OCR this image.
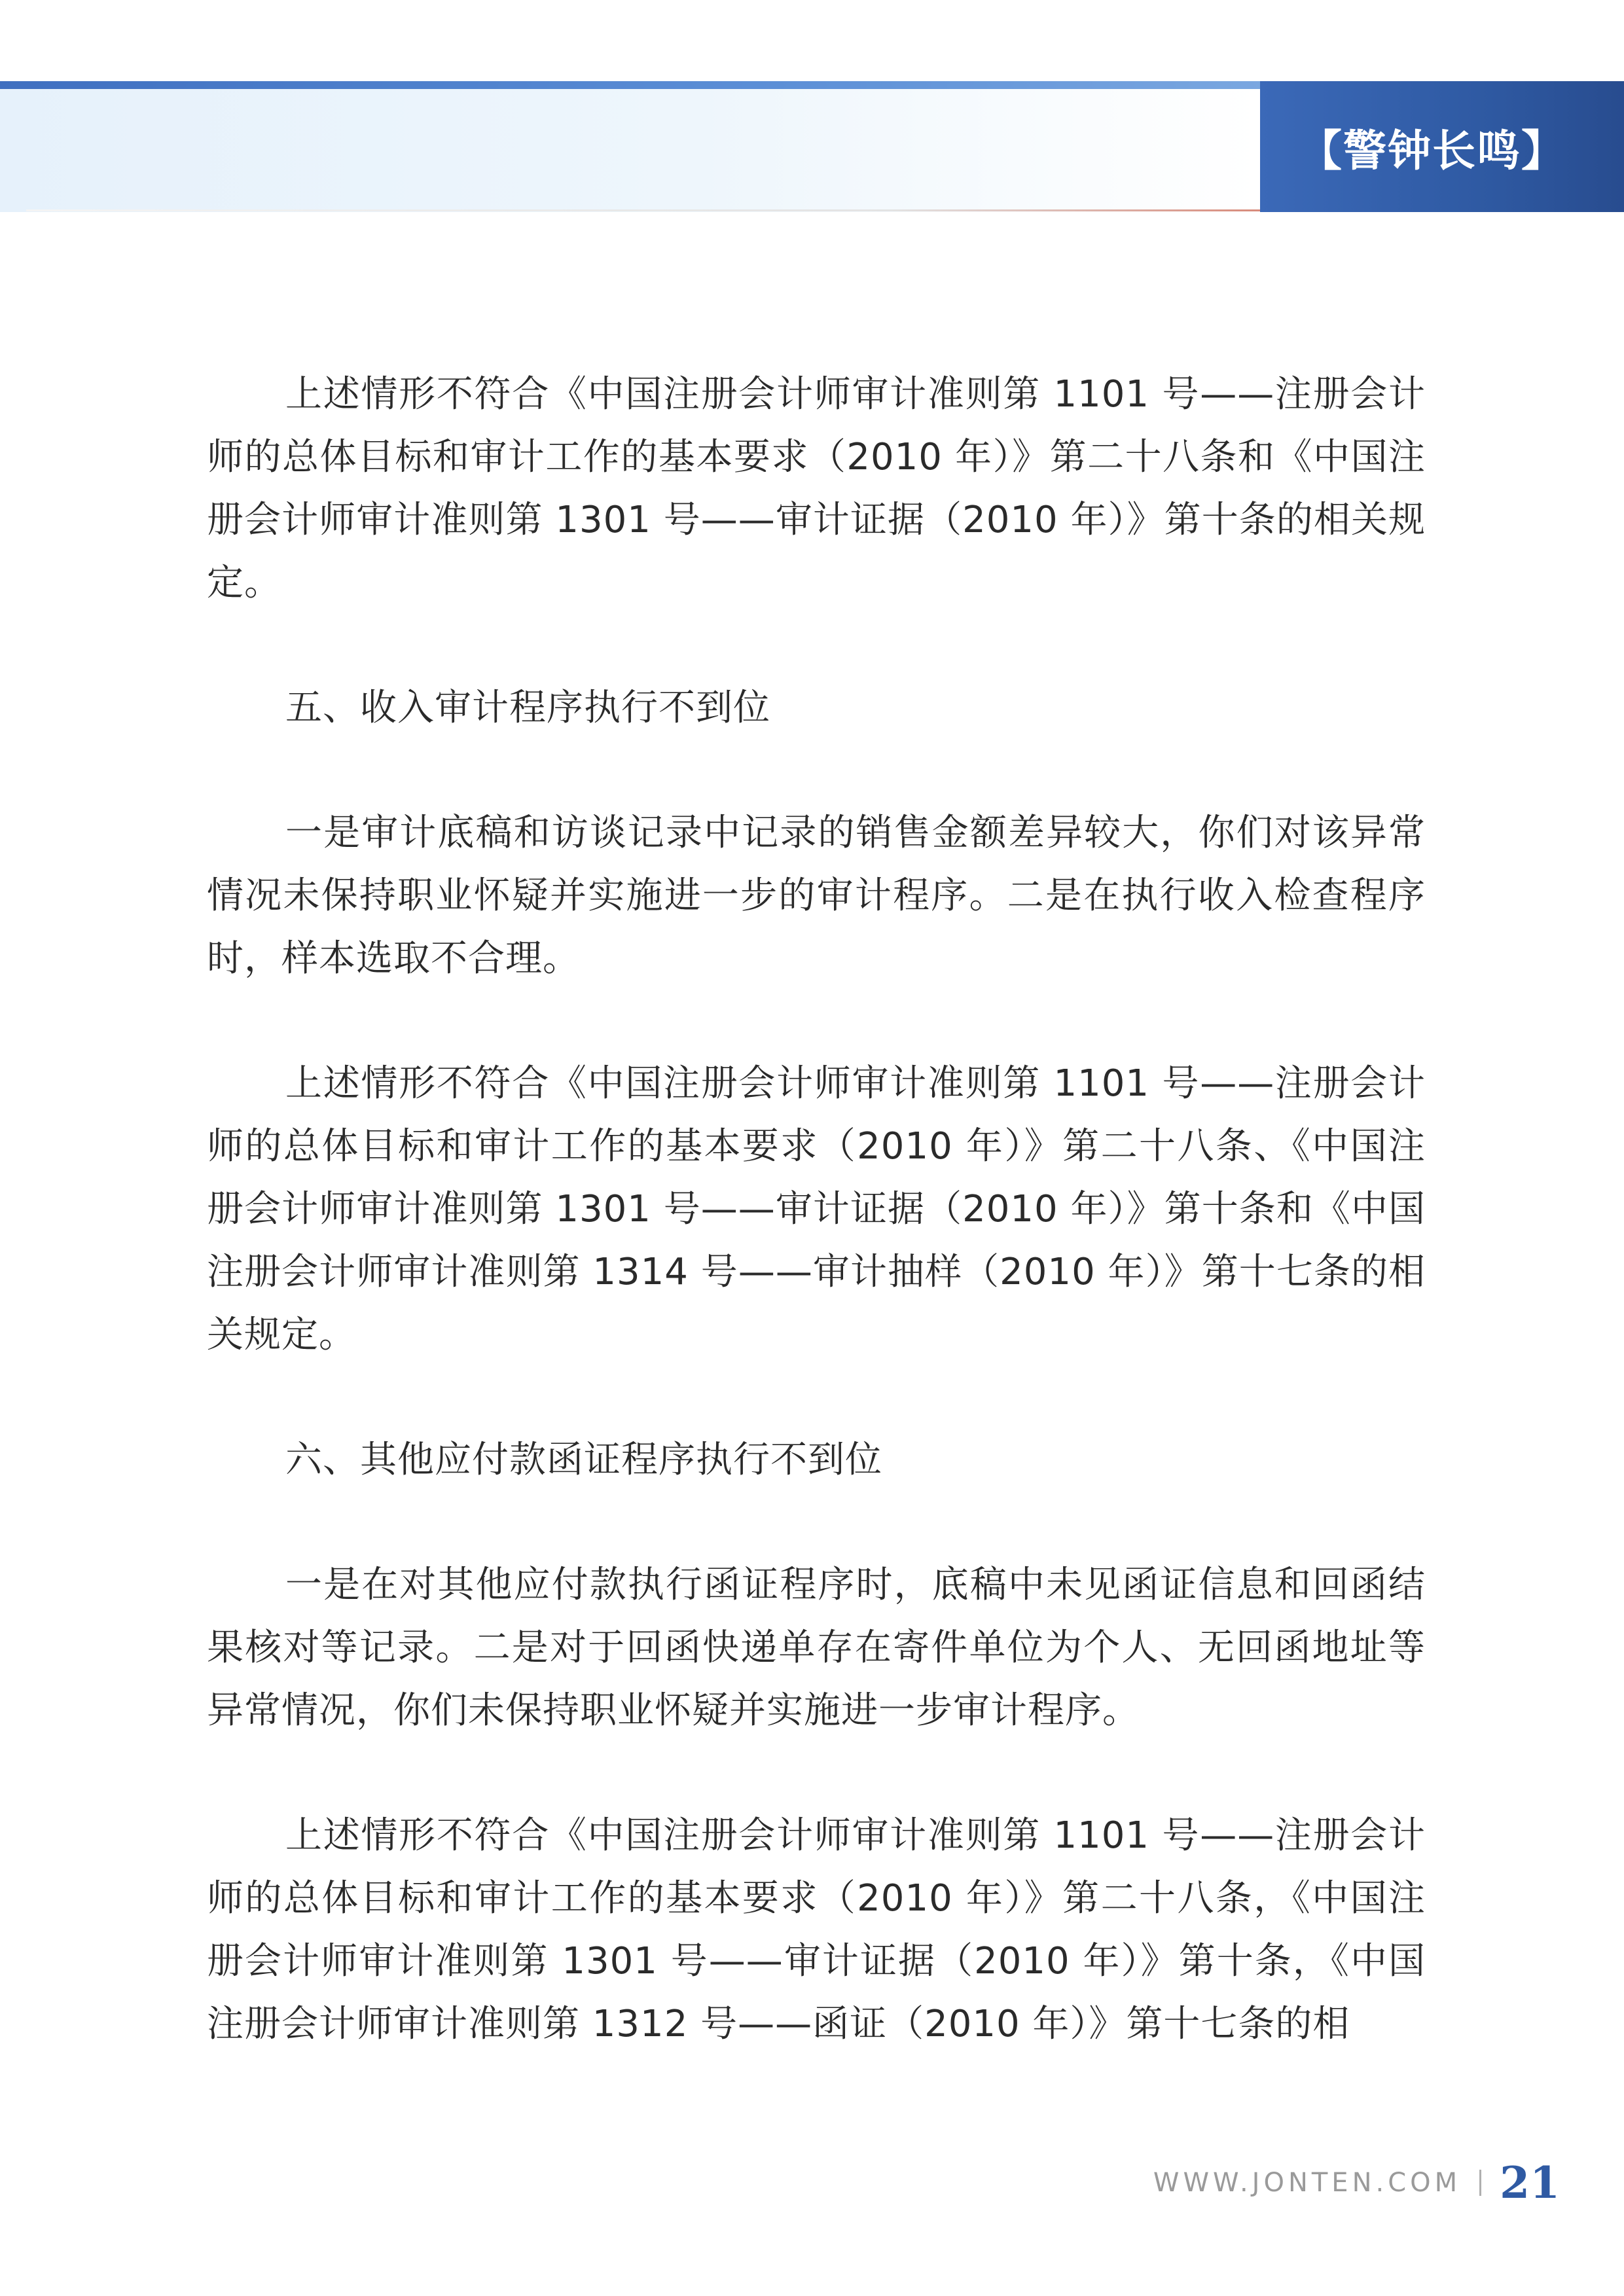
【警钟长鸣】

上述情形不符合《中国注册会计师审计准则第 1101 号——注册会计师的总体目标和审计工作的基本要求（2010 年）》第二十八条和《中国注册会计师审计准则第 1301 号——审计证据（2010 年）》第十条的相关规定。

五、收入审计程序执行不到位

一是审计底稿和访谈记录中记录的销售金额差异较大，你们对该异常情况未保持职业怀疑并实施进一步的审计程序。二是在执行收入检查程序时，样本选取不合理。

上述情形不符合《中国注册会计师审计准则第 1101 号——注册会计师的总体目标和审计工作的基本要求（2010 年）》第二十八条、《中国注册会计师审计准则第 1301 号——审计证据（2010 年）》第十条和《中国注册会计师审计准则第 1314 号——审计抽样（2010 年）》第十七条的相关规定。

六、其他应付款函证程序执行不到位

一是在对其他应付款执行函证程序时，底稿中未见函证信息和回函结果核对等记录。二是对于回函快递单存在寄件单位为个人、无回函地址等异常情况，你们未保持职业怀疑并实施进一步审计程序。

上述情形不符合《中国注册会计师审计准则第 1101 号——注册会计师的总体目标和审计工作的基本要求（2010 年）》第二十八条，《中国注册会计师审计准则第 1301 号——审计证据（2010 年）》第十条，《中国注册会计师审计准则第 1312 号——函证（2010 年）》第十七条的相

WWW.JONTEN.COM 21
